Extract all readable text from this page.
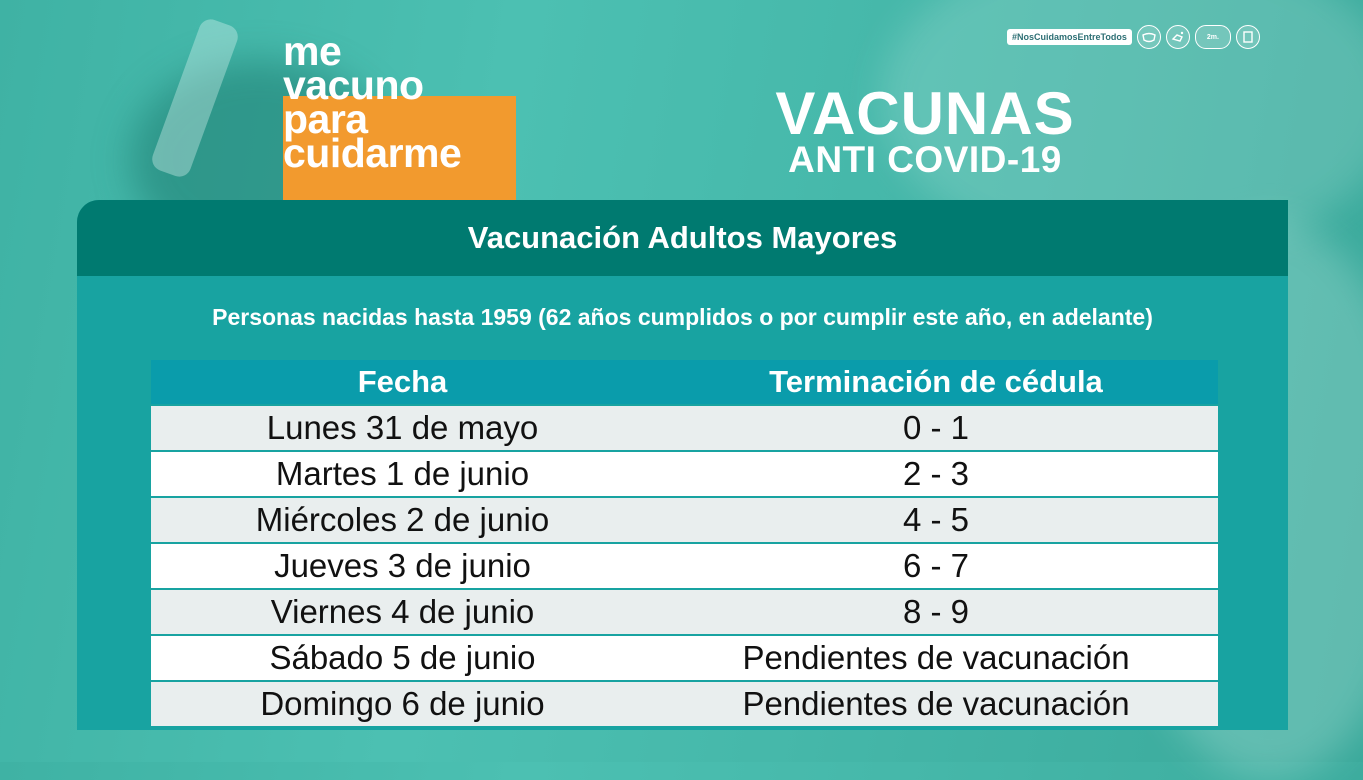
me
vacuno
para
cuidarme
VACUNAS
ANTI COVID-19
#NosCuidamosEntreTodos	2m.
Vacunación Adultos Mayores
Personas nacidas hasta 1959 (62 años cumplidos o por cumplir este año, en adelante)
Fecha	Terminación de cédula
Lunes 31 de mayo	0 - 1
Martes 1 de junio	2 - 3
Miércoles 2 de junio	4 - 5
Jueves 3 de junio	6 - 7
Viernes 4 de junio	8 - 9
Sábado 5 de junio	Pendientes de vacunación
Domingo 6 de junio	Pendientes de vacunación
